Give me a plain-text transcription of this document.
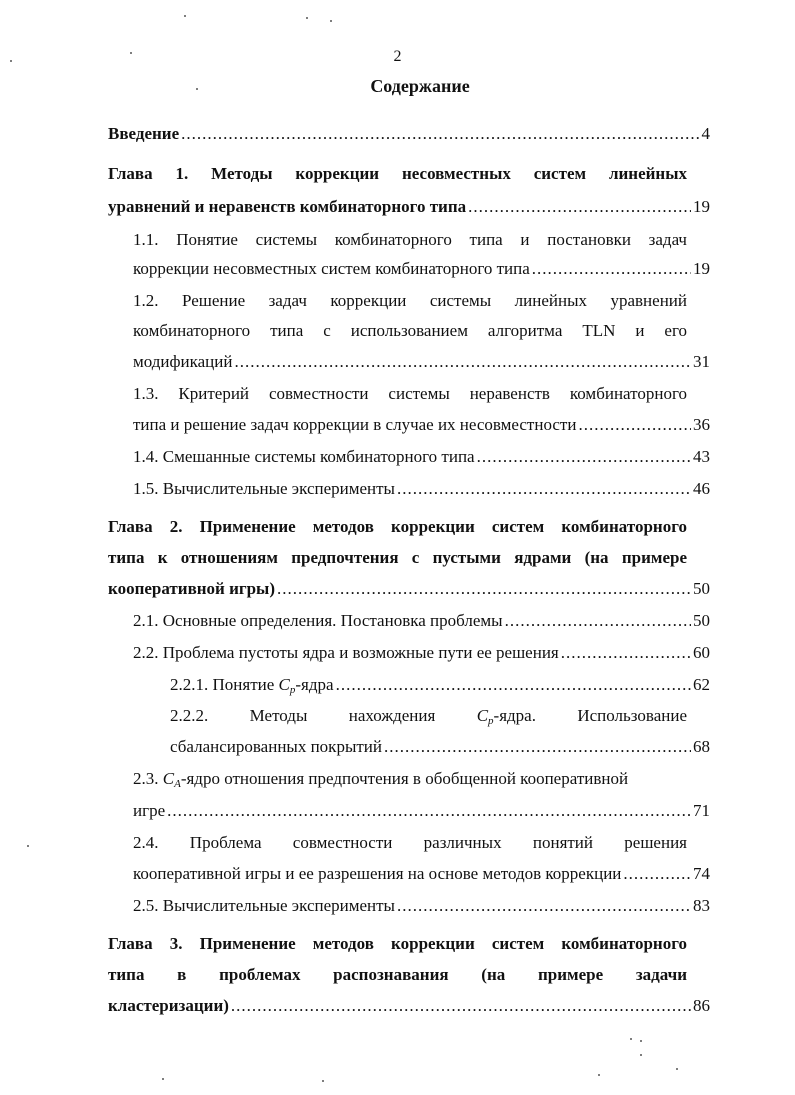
2
Содержание
Введение .....	4
Глава 1. Методы коррекции несовместных систем линейных
уравнений и неравенств комбинаторного типа .....	19
1.1. Понятие системы комбинаторного типа и постановки задач
коррекции несовместных систем комбинаторного типа .....	19
1.2. Решение задач коррекции системы линейных уравнений
комбинаторного типа с использованием алгоритма TLN и его
модификаций .....	31
1.3. Критерий совместности системы неравенств комбинаторного
типа и решение задач коррекции в случае их несовместности .....	36
1.4. Смешанные системы комбинаторного типа .....	43
1.5. Вычислительные эксперименты .....	46
Глава 2. Применение методов коррекции систем комбинаторного
типа к отношениям предпочтения с пустыми ядрами (на примере
кооперативной игры) .....	50
2.1. Основные определения. Постановка проблемы .....	50
2.2. Проблема пустоты ядра и возможные пути ее решения .....	60
2.2.1. Понятие $C_p$-ядра .....	62
2.2.2. Методы нахождения $C_p$-ядра. Использование
сбалансированных покрытий .....	68
2.3. $C_A$-ядро отношения предпочтения в обобщенной кооперативной
игре .....	71
2.4. Проблема совместности различных понятий решения
кооперативной игры и ее разрешения на основе методов коррекции .....	74
2.5. Вычислительные эксперименты .....	83
Глава 3. Применение методов коррекции систем комбинаторного
типа в проблемах распознавания (на примере задачи
кластеризации) .....	86
